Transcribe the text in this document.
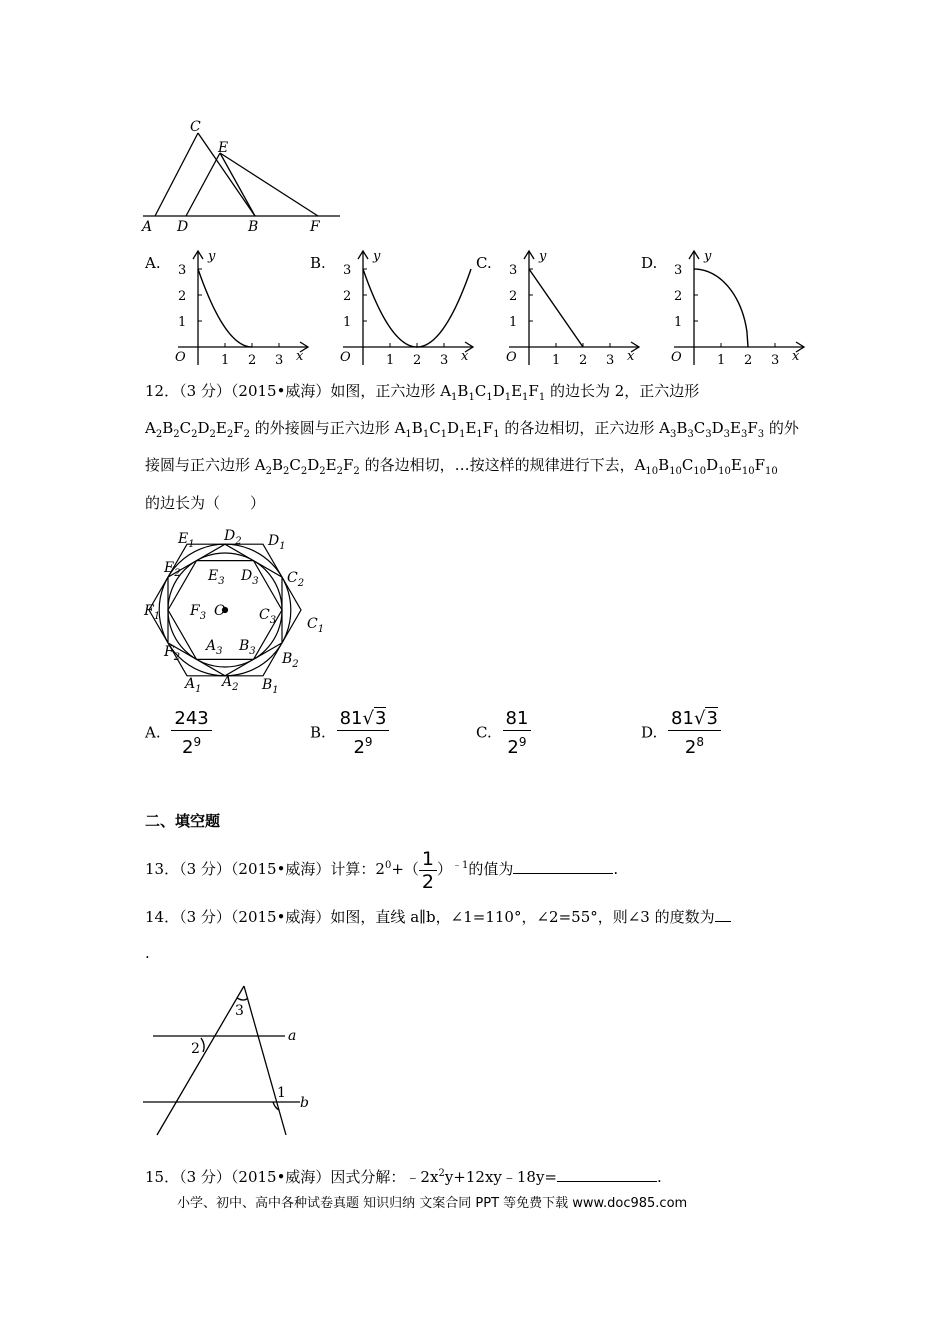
A
C
E
D	B	F
A.	B.	C.	D.
O
y
x
1
1
2
2
3
3
O
y
x
1
1
2
2
3
3
O
y
x
1
1
2
2
3
3
O
y
x
1
1
2
2
3
3
12．（3 分）（2015•威海）如图，正六边形 $A_1B_1C_1D_1E_1F_1$ 的边长为 2，正六边形
$A_2B_2C_2D_2E_2F_2$ 的外接圆与正六边形 $A_1B_1C_1D_1E_1F_1$ 的各边相切，正六边形 $A_3B_3C_3D_3E_3F_3$ 的外
接圆与正六边形 $A_2B_2C_2D_2E_2F_2$ 的各边相切，…按这样的规律进行下去，$A_{10}B_{10}C_{10}D_{10}E_{10}F_{10}$
的边长为（　　）
$E_1$
$D_2$ $D_1$
$E_2$ $E_3$ $D_3$ $C_2$
$F_1$ $F_3$	$C_3$ $C_1$
$A_3$ $B_3$
$F_2$	$B_2$
$A_1$ $A_2$ $B_1$
O
A. $\frac{243}{2^9}$	B. $\frac{81√3}{2^9}$	C. $\frac{81}{2^9}$	D. $\frac{81√3}{2^8}$
二、填空题
13．（3 分）（2015•威海）计算：$2^0+( \frac{1}{2} )^{﹣1}$的值为	.
14．（3 分）（2015•威海）如图，直线 a∥b，∠1=110°，∠2=55°，则∠3 的度数为
.
3
2
a
1
b
15．（3 分）（2015•威海）因式分解：$﹣2x^2y+12xy﹣18y=$	.
小学、初中、高中各种试卷真题 知识归纳 文案合同 PPT 等免费下载 www.doc985.com
